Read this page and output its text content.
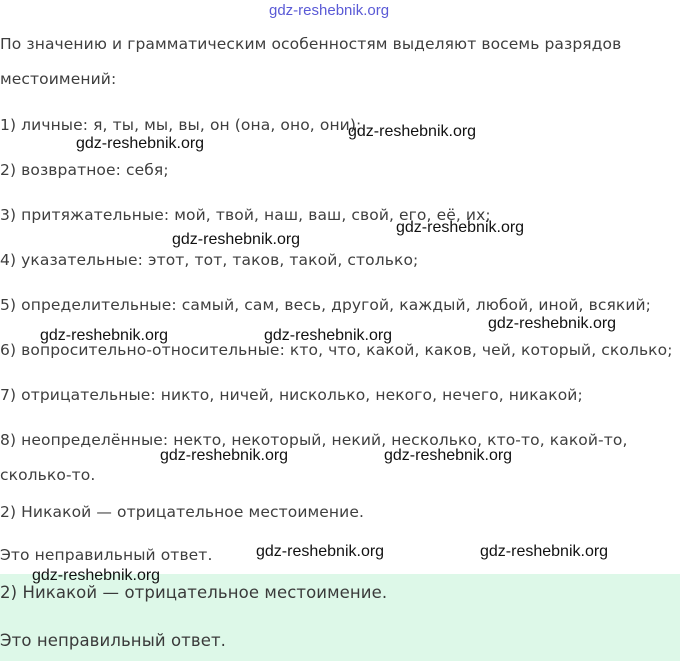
gdz-reshebnik.org
По значению и грамматическим особенностям выделяют восемь разрядов
местоимений:
1) личные: я, ты, мы, вы, он (она, оно, они);
2) возвратное: себя;
3) притяжательные: мой, твой, наш, ваш, свой, его, её, их;
4) указательные: этот, тот, таков, такой, столько;
5) определительные: самый, сам, весь, другой, каждый, любой, иной, всякий;
6) вопросительно-относительные: кто, что, какой, каков, чей, который, сколько;
7) отрицательные: никто, ничей, нисколько, некого, нечего, никакой;
8) неопределённые: некто, некоторый, некий, несколько, кто-то, какой-то,
сколько-то.
2) Никакой — отрицательное местоимение.
Это неправильный ответ.
2) Никакой — отрицательное местоимение.
Это неправильный ответ.
gdz-reshebnik.org
gdz-reshebnik.org
gdz-reshebnik.org
gdz-reshebnik.org
gdz-reshebnik.org
gdz-reshebnik.org	gdz-reshebnik.org
gdz-reshebnik.org	gdz-reshebnik.org
gdz-reshebnik.org	gdz-reshebnik.org
gdz-reshebnik.org
